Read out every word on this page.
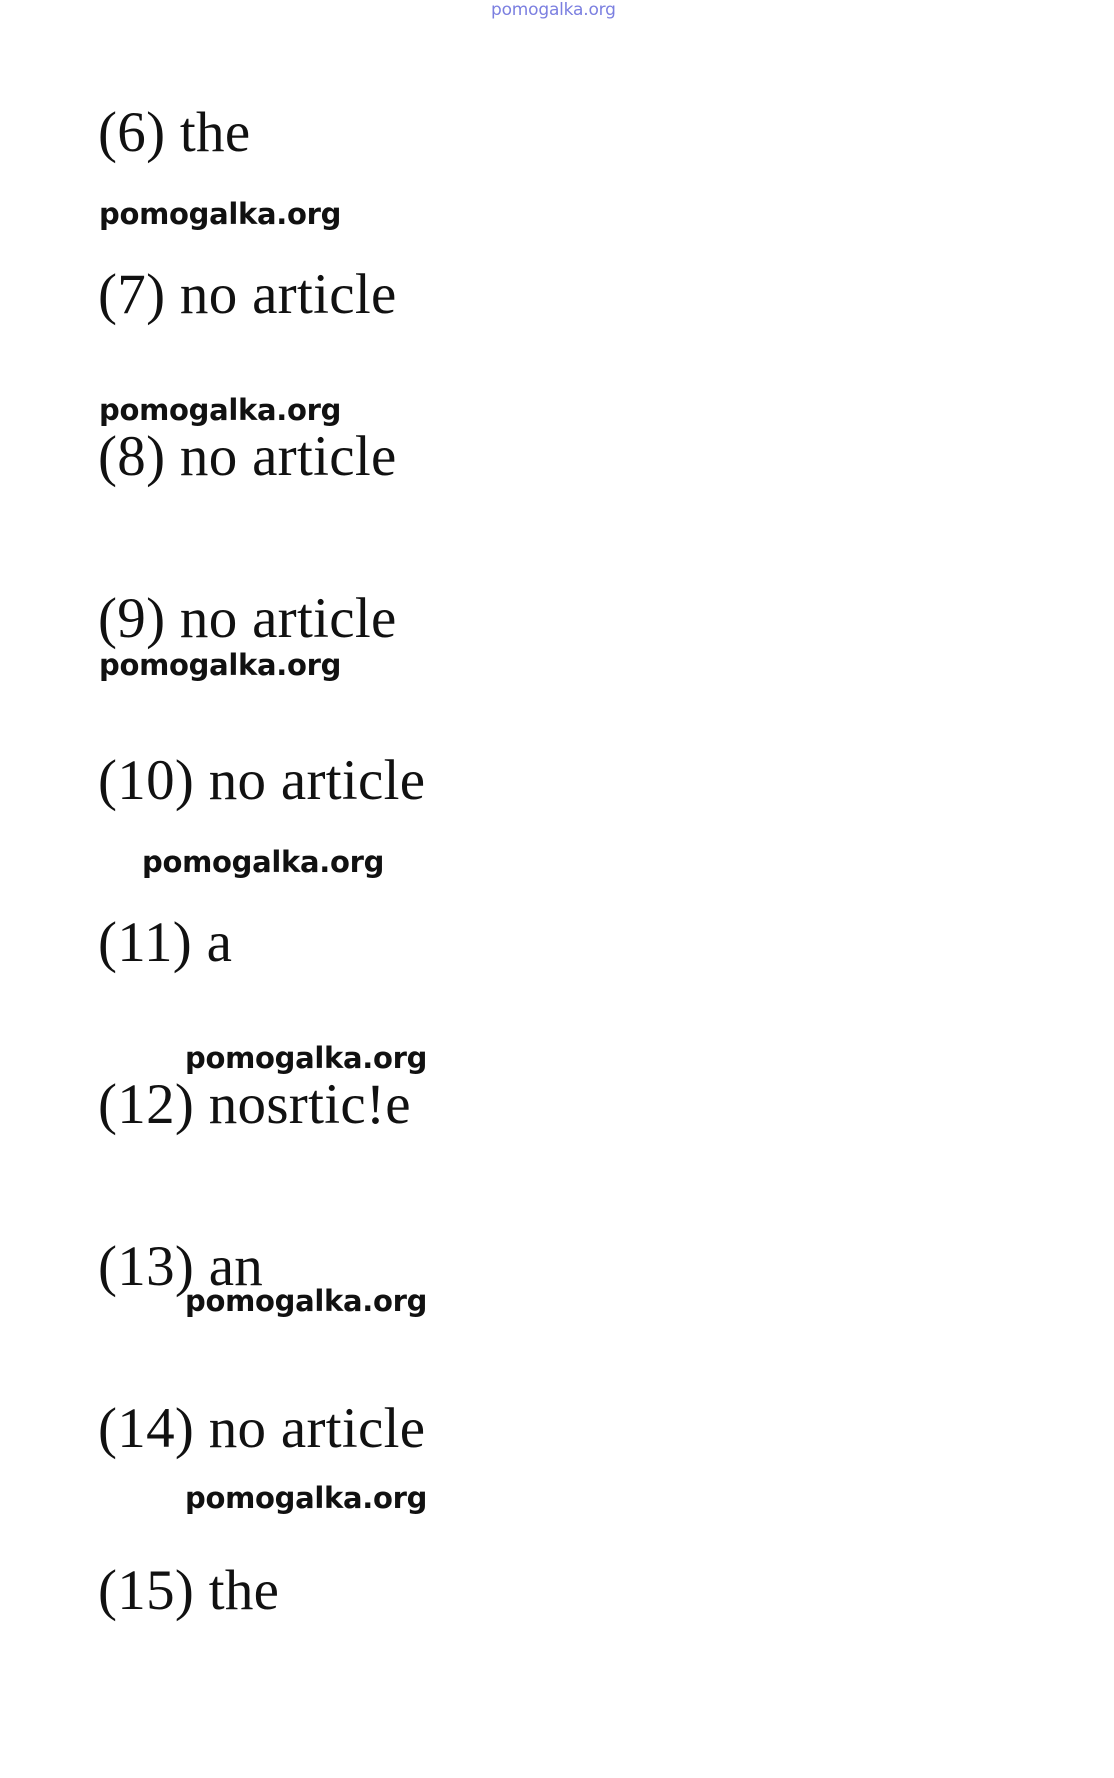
pomogalka.org
(6) the
pomogalka.org
(7) no article
pomogalka.org
(8) no article
(9) no article
pomogalka.org
(10) no article
pomogalka.org
(11) a
pomogalka.org
(12) nosrtic!e
(13) an
pomogalka.org
(14) no article
pomogalka.org
(15) the
